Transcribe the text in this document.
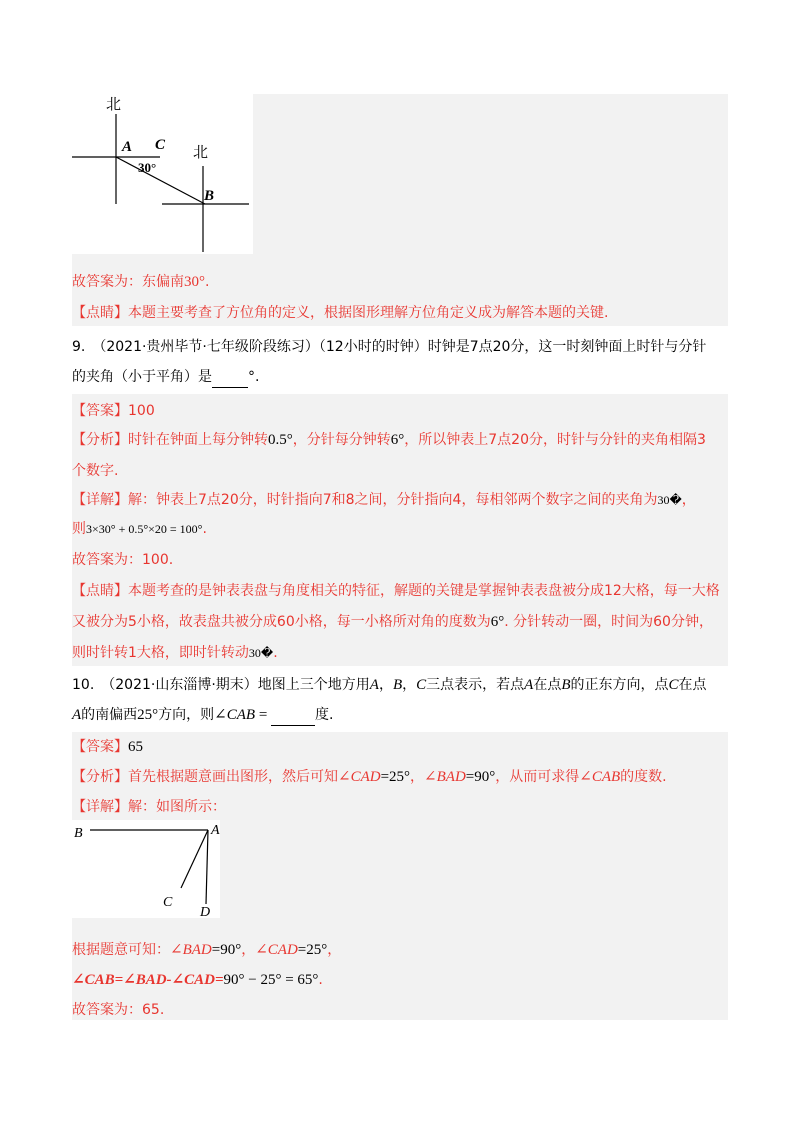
北
北
A C
30°
B
故答案为：东偏南30°.
【点睛】本题主要考查了方位角的定义，根据图形理解方位角定义成为解答本题的关键.
9.　（2021·贵州毕节·七年级阶段练习）（12小时的时钟）时钟是7点20分，这一时刻钟面上时针与分针
的夹角（小于平角）是	°.
【答案】100
【分析】时针在钟面上每分钟转0.5°，分针每分钟转6°，所以钟表上7点20分，时针与分针的夹角相隔3
个数字.
【详解】解：钟表上7点20分，时针指向7和8之间，分针指向4，每相邻两个数字之间的夹角为30�，
则3×30° + 0.5°×20 = 100°.
故答案为：100.
【点睛】本题考查的是钟表表盘与角度相关的特征，解题的关键是掌握钟表表盘被分成12大格，每一大格
又被分为5小格，故表盘共被分成60小格，每一小格所对角的度数为6°. 分针转动一圈，时间为60分钟，
则时针转1大格，即时针转动30�.
10.　（2021·山东淄博·期末）地图上三个地方用A，B，C三点表示，若点A在点B的正东方向，点C在点
A的南偏西25°方向，则∠CAB =	度.
【答案】65
【分析】首先根据题意画出图形，然后可知∠CAD=25°，∠BAD=90°，从而可求得∠CAB的度数.
【详解】解：如图所示：
B	A
C
D
根据题意可知：∠BAD=90°，∠CAD=25°，
∠CAB=∠BAD-∠CAD=90° − 25° = 65°.
故答案为：65.
